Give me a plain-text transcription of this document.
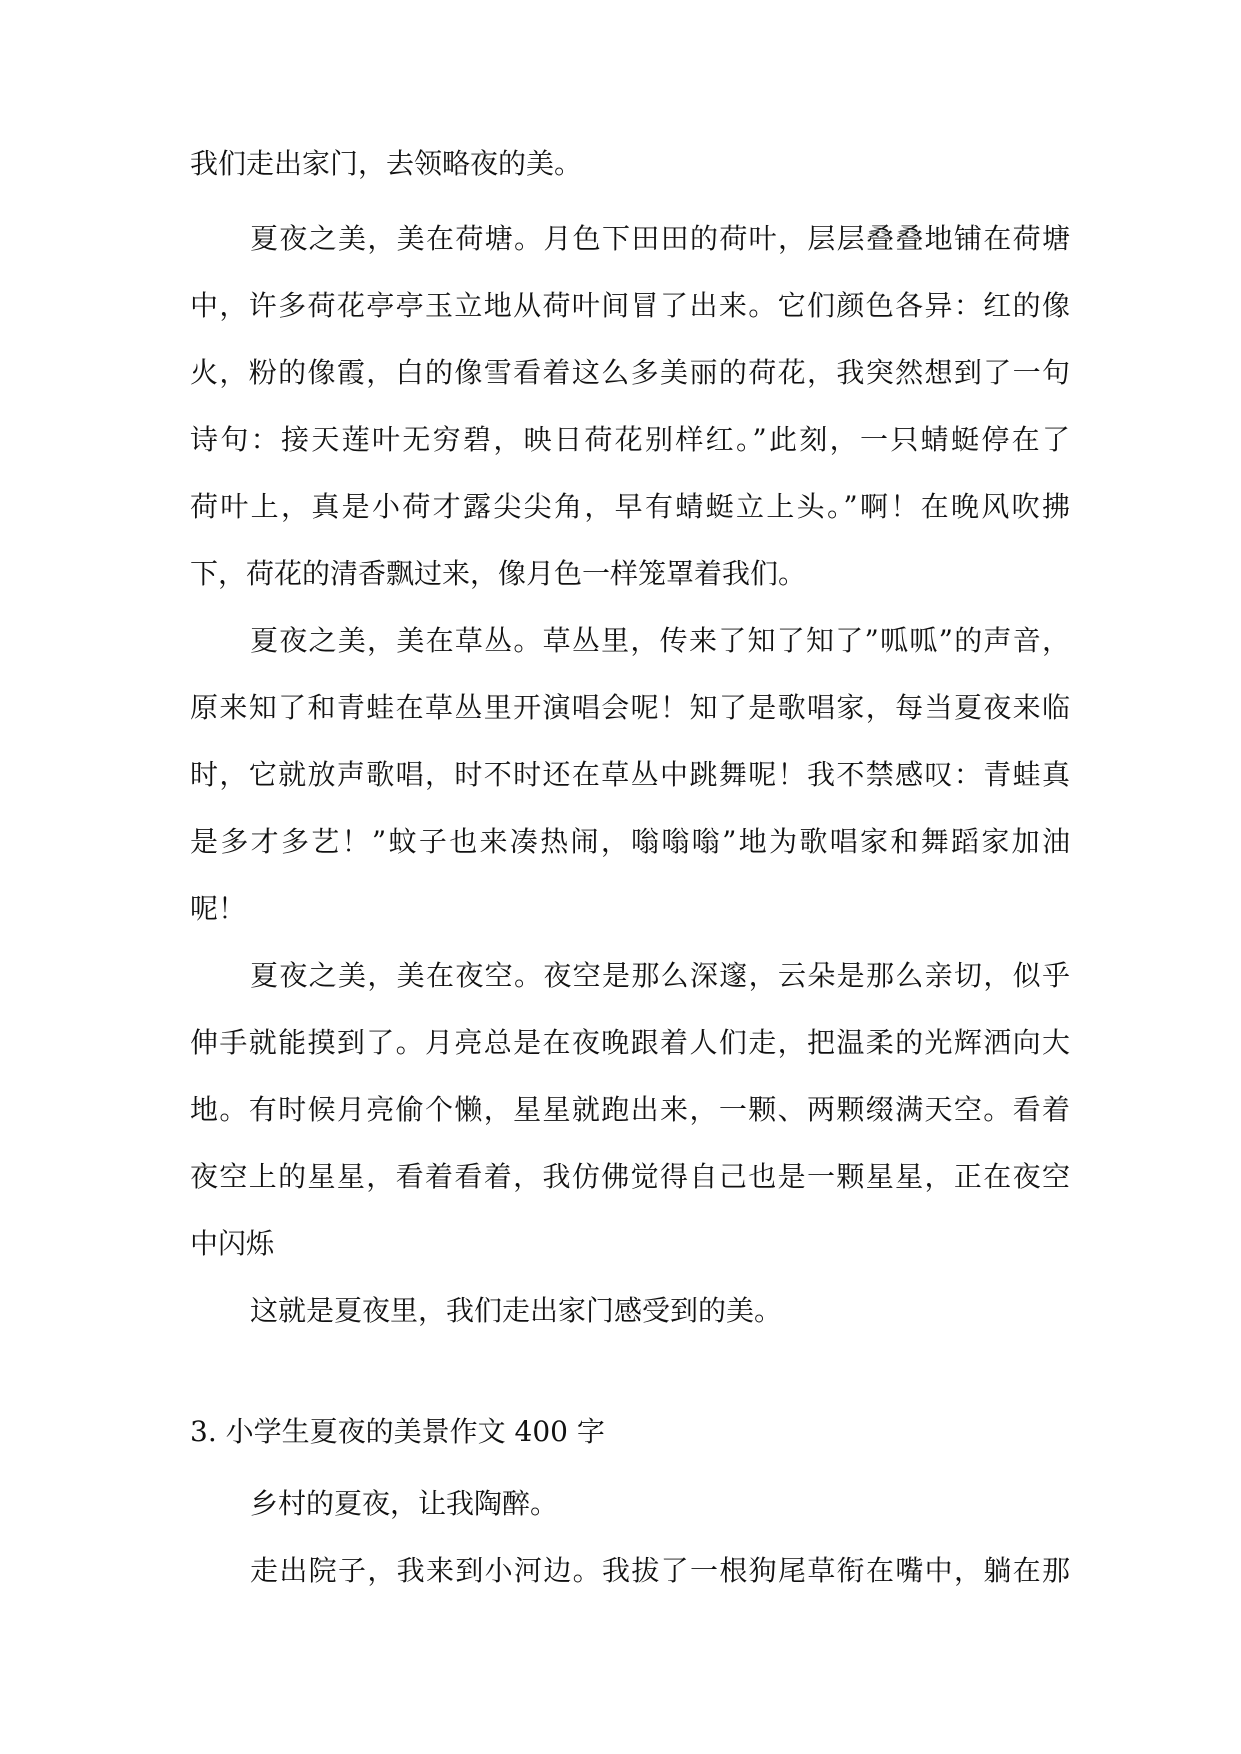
我们走出家门，去领略夜的美。
夏夜之美，美在荷塘。月色下田田的荷叶，层层叠叠地铺在荷塘
中，许多荷花亭亭玉立地从荷叶间冒了出来。它们颜色各异：红的像
火，粉的像霞，白的像雪看着这么多美丽的荷花，我突然想到了一句
诗句：接天莲叶无穷碧，映日荷花别样红。”此刻，一只蜻蜓停在了
荷叶上，真是小荷才露尖尖角，早有蜻蜓立上头。”啊！在晚风吹拂
下，荷花的清香飘过来，像月色一样笼罩着我们。
夏夜之美，美在草丛。草丛里，传来了知了知了”呱呱”的声音，
原来知了和青蛙在草丛里开演唱会呢！知了是歌唱家，每当夏夜来临
时，它就放声歌唱，时不时还在草丛中跳舞呢！我不禁感叹：青蛙真
是多才多艺！”蚊子也来凑热闹，嗡嗡嗡”地为歌唱家和舞蹈家加油
呢！
夏夜之美，美在夜空。夜空是那么深邃，云朵是那么亲切，似乎
伸手就能摸到了。月亮总是在夜晚跟着人们走，把温柔的光辉洒向大
地。有时候月亮偷个懒，星星就跑出来，一颗、两颗缀满天空。看着
夜空上的星星，看着看着，我仿佛觉得自己也是一颗星星，正在夜空
中闪烁
这就是夏夜里，我们走出家门感受到的美。
3. 小学生夏夜的美景作文 400 字
乡村的夏夜，让我陶醉。
走出院子，我来到小河边。我拔了一根狗尾草衔在嘴中，躺在那
